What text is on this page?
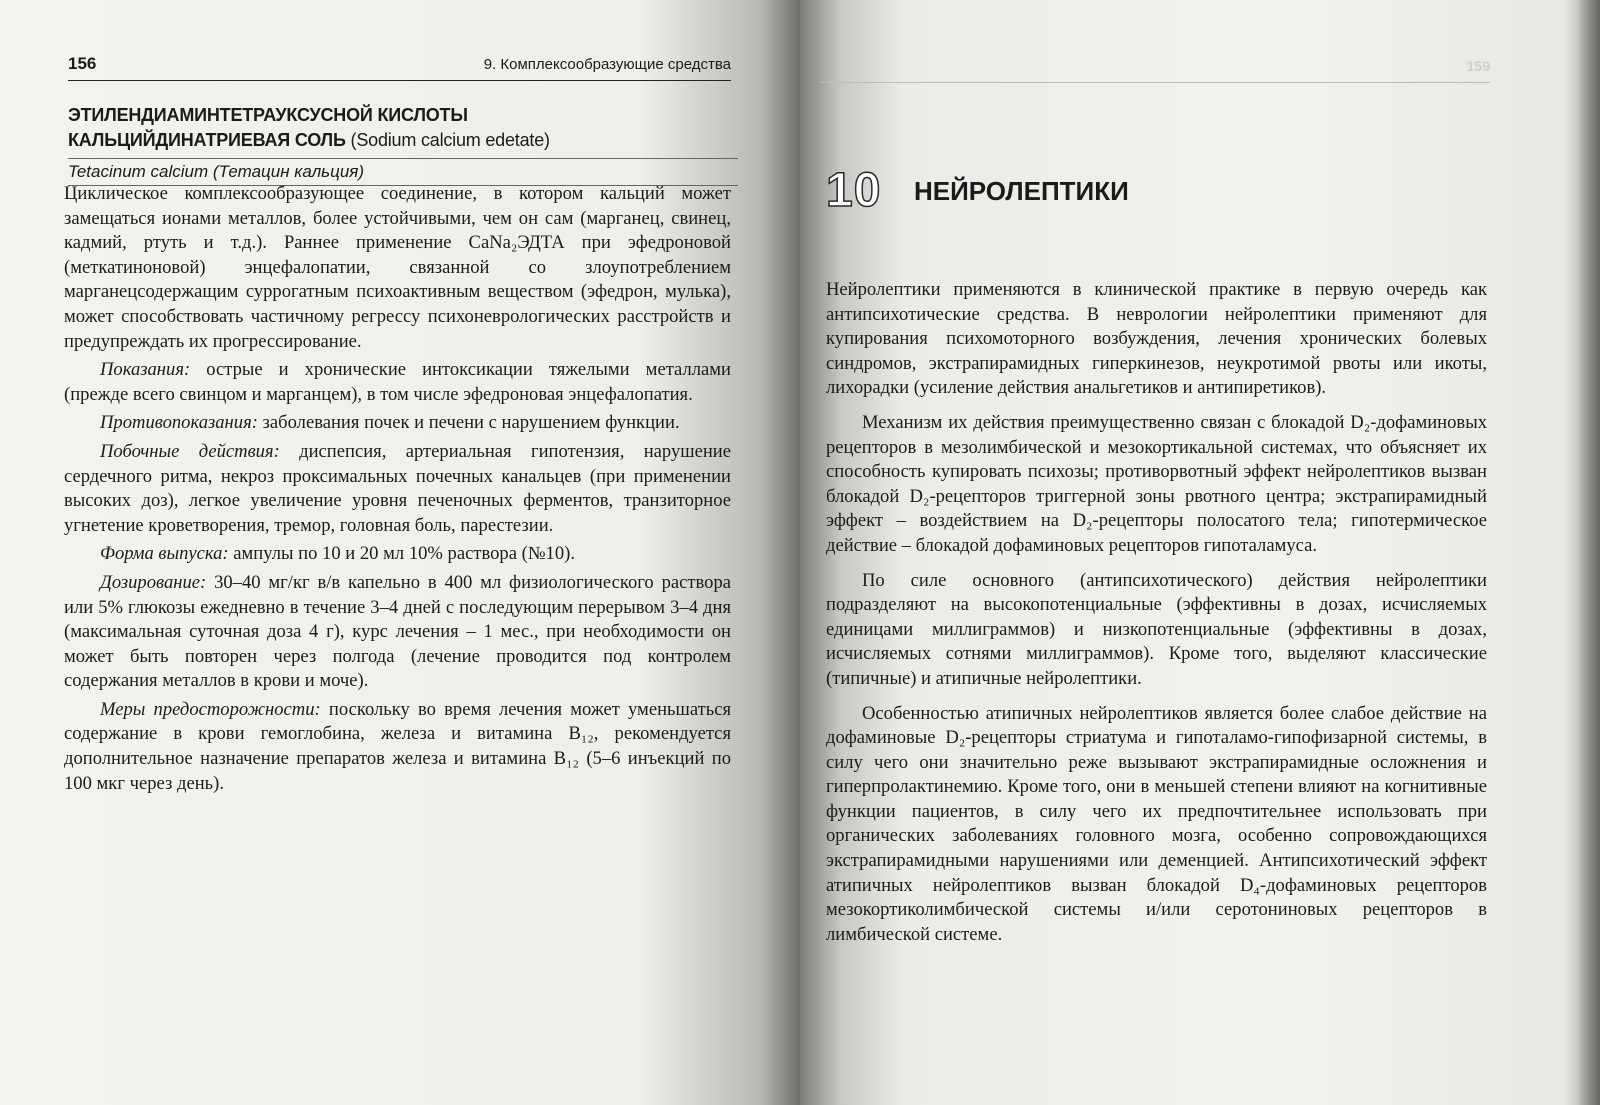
156	9. Комплексообразующие средства
ЭТИЛЕНДИАМИНТЕТРАУКСУСНОЙ КИСЛОТЫ
КАЛЬЦИЙДИНАТРИЕВАЯ СОЛЬ (Sodium calcium edetate)
Tetacinum calcium (Тетацин кальция)

Циклическое комплексообразующее соединение, в котором кальций может замещаться ионами металлов, более устойчивыми, чем он сам (марганец, свинец, кадмий, ртуть и т.д.). Раннее применение CaNa₂ЭДТА при эфедроновой (меткатиноновой) энцефалопатии, связанной со злоупотреблением марганецсодержащим суррогатным психоактивным веществом (эфедрон, мулька), может способствовать частичному регрессу психоневрологических расстройств и предупреждать их прогрессирование.

Показания: острые и хронические интоксикации тяжелыми металлами (прежде всего свинцом и марганцем), в том числе эфедроновая энцефалопатия.

Противопоказания: заболевания почек и печени с нарушением функции.

Побочные действия: диспепсия, артериальная гипотензия, нарушение сердечного ритма, некроз проксимальных почечных канальцев (при применении высоких доз), легкое увеличение уровня печеночных ферментов, транзиторное угнетение кроветворения, тремор, головная боль, парестезии.

Форма выпуска: ампулы по 10 и 20 мл 10% раствора (№10).

Дозирование: 30–40 мг/кг в/в капельно в 400 мл физиологического раствора или 5% глюкозы ежедневно в течение 3–4 дней с последующим перерывом 3–4 дня (максимальная суточная доза 4 г), курс лечения – 1 мес., при необходимости он может быть повторен через полгода (лечение проводится под контролем содержания металлов в крови и моче).

Меры предосторожности: поскольку во время лечения может уменьшаться содержание в крови гемоглобина, железа и витамина B₁₂, рекомендуется дополнительное назначение препаратов железа и витамина B₁₂ (5–6 инъекций по 100 мкг через день).

159
10 НЕЙРОЛЕПТИКИ

Нейролептики применяются в клинической практике в первую очередь как антипсихотические средства. В неврологии нейролептики применяют для купирования психомоторного возбуждения, лечения хронических болевых синдромов, экстрапирамидных гиперкинезов, неукротимой рвоты или икоты, лихорадки (усиление действия анальгетиков и антипиретиков).

Механизм их действия преимущественно связан с блокадой D₂-дофаминовых рецепторов в мезолимбической и мезокортикальной системах, что объясняет их способность купировать психозы; противорвотный эффект нейролептиков вызван блокадой D₂-рецепторов триггерной зоны рвотного центра; экстрапирамидный эффект – воздействием на D₂-рецепторы полосатого тела; гипотермическое действие – блокадой дофаминовых рецепторов гипоталамуса.

По силе основного (антипсихотического) действия нейролептики подразделяют на высокопотенциальные (эффективны в дозах, исчисляемых единицами миллиграммов) и низкопотенциальные (эффективны в дозах, исчисляемых сотнями миллиграммов). Кроме того, выделяют классические (типичные) и атипичные нейролептики.

Особенностью атипичных нейролептиков является более слабое действие на дофаминовые D₂-рецепторы стриатума и гипоталамо-гипофизарной системы, в силу чего они значительно реже вызывают экстрапирамидные осложнения и гиперпролактинемию. Кроме того, они в меньшей степени влияют на когнитивные функции пациентов, в силу чего их предпочтительнее использовать при органических заболеваниях головного мозга, особенно сопровождающихся экстрапирамидными нарушениями или деменцией. Антипсихотический эффект атипичных нейролептиков вызван блокадой D₄-дофаминовых рецепторов мезокортиколимбической системы и/или серотониновых рецепторов в лимбической системе.
